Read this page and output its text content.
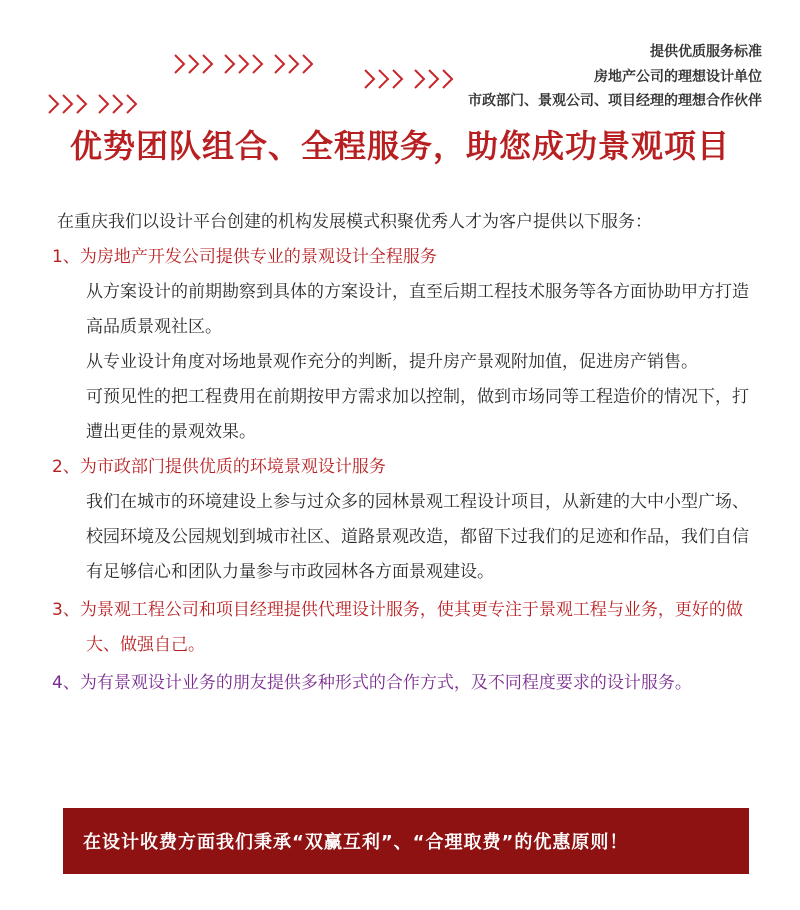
提供优质服务标准
房地产公司的理想设计单位
市政部门、景观公司、项目经理的理想合作伙伴
优势团队组合、全程服务，助您成功景观项目
在重庆我们以设计平台创建的机构发展模式积聚优秀人才为客户提供以下服务：
1、为房地产开发公司提供专业的景观设计全程服务

从方案设计的前期勘察到具体的方案设计，直至后期工程技术服务等各方面协助甲方打造高品质景观社区。

从专业设计角度对场地景观作充分的判断，提升房产景观附加值，促进房产销售。

可预见性的把工程费用在前期按甲方需求加以控制，做到市场同等工程造价的情况下，打遭出更佳的景观效果。

2、为市政部门提供优质的环境景观设计服务

我们在城市的环境建设上参与过众多的园林景观工程设计项目，从新建的大中小型广场、校园环境及公园规划到城市社区、道路景观改造，都留下过我们的足迹和作品，我们自信有足够信心和团队力量参与市政园林各方面景观建设。

3、为景观工程公司和项目经理提供代理设计服务，使其更专注于景观工程与业务，更好的做大、做强自己。
4、为有景观设计业务的朋友提供多种形式的合作方式，及不同程度要求的设计服务。
在设计收费方面我们秉承“双赢互利”、“合理取费”的优惠原则！
